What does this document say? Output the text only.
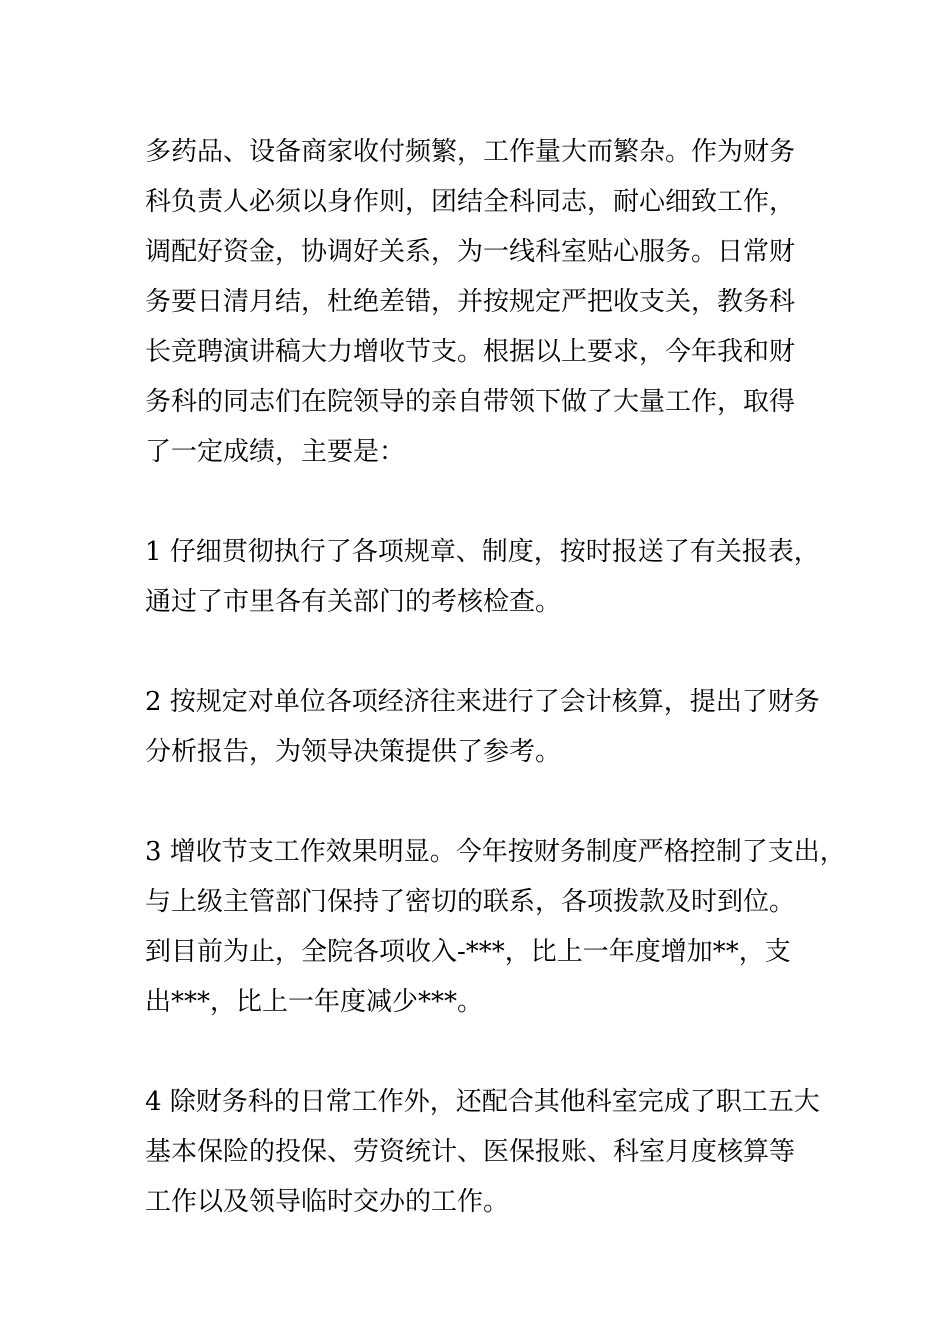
多药品、设备商家收付频繁，工作量大而繁杂。作为财务
科负责人必须以身作则，团结全科同志，耐心细致工作，
调配好资金，协调好关系，为一线科室贴心服务。日常财
务要日清月结，杜绝差错，并按规定严把收支关，教务科
长竞聘演讲稿大力增收节支。根据以上要求，今年我和财
务科的同志们在院领导的亲自带领下做了大量工作，取得
了一定成绩，主要是：

1 仔细贯彻执行了各项规章、制度，按时报送了有关报表，
通过了市里各有关部门的考核检查。

2 按规定对单位各项经济往来进行了会计核算，提出了财务
分析报告，为领导决策提供了参考。

3 增收节支工作效果明显。今年按财务制度严格控制了支出，
与上级主管部门保持了密切的联系，各项拨款及时到位。
到目前为止，全院各项收入-***，比上一年度增加**，支
出***，比上一年度减少***。

4 除财务科的日常工作外，还配合其他科室完成了职工五大
基本保险的投保、劳资统计、医保报账、科室月度核算等
工作以及领导临时交办的工作。
